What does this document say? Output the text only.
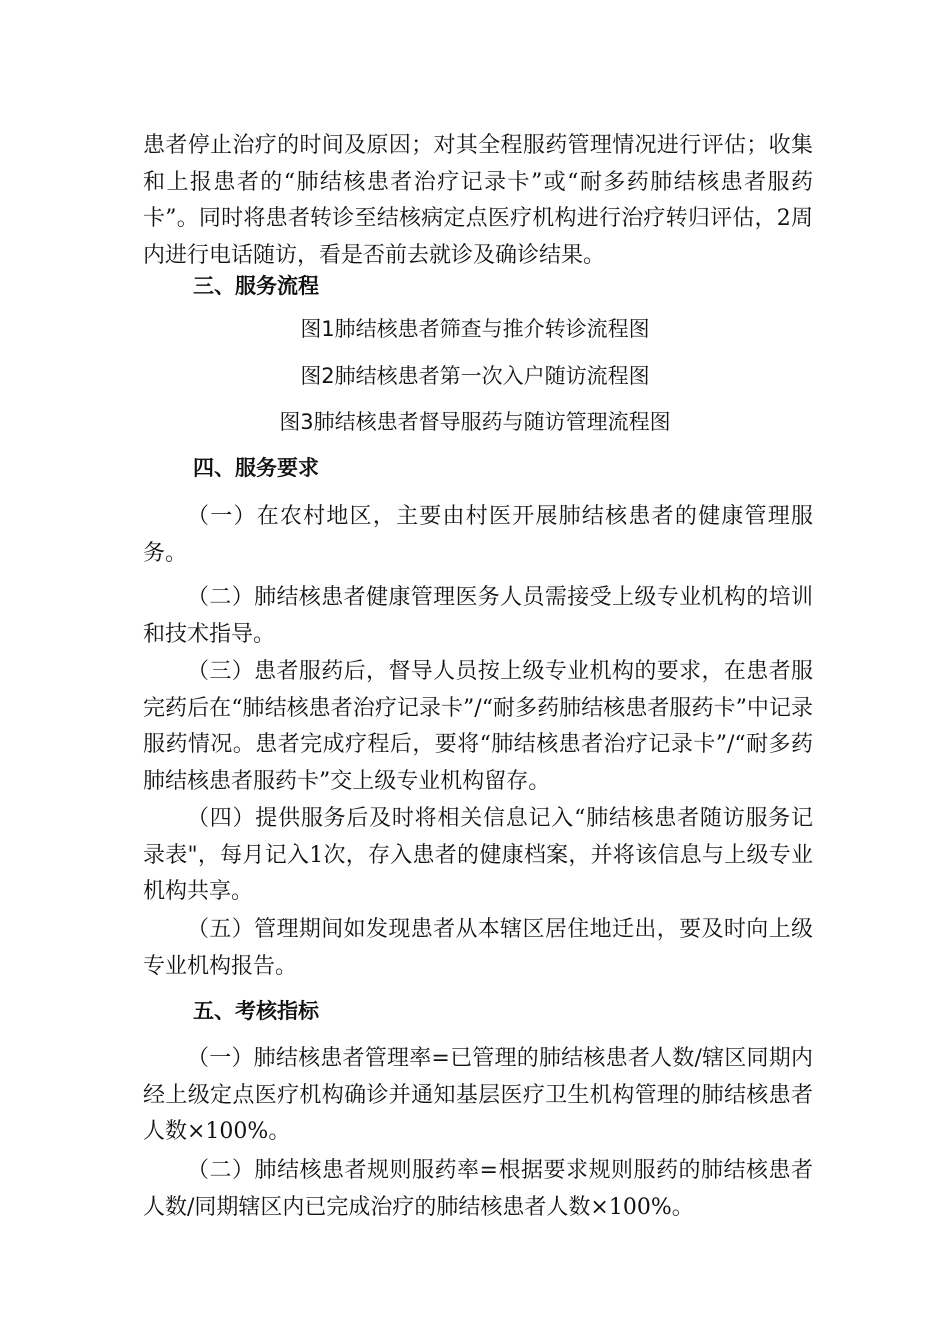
患者停止治疗的时间及原因；对其全程服药管理情况进行评估；收集和上报患者的“肺结核患者治疗记录卡”或“耐多药肺结核患者服药卡”。同时将患者转诊至结核病定点医疗机构进行治疗转归评估，2周内进行电话随访，看是否前去就诊及确诊结果。

三、服务流程

图1肺结核患者筛查与推介转诊流程图

图2肺结核患者第一次入户随访流程图

图3肺结核患者督导服药与随访管理流程图

四、服务要求

（一）在农村地区，主要由村医开展肺结核患者的健康管理服务。

（二）肺结核患者健康管理医务人员需接受上级专业机构的培训和技术指导。

（三）患者服药后，督导人员按上级专业机构的要求，在患者服完药后在“肺结核患者治疗记录卡”/“耐多药肺结核患者服药卡”中记录服药情况。患者完成疗程后，要将“肺结核患者治疗记录卡”/“耐多药肺结核患者服药卡”交上级专业机构留存。

（四）提供服务后及时将相关信息记入“肺结核患者随访服务记录表"，每月记入1次，存入患者的健康档案，并将该信息与上级专业机构共享。

（五）管理期间如发现患者从本辖区居住地迁出，要及时向上级专业机构报告。

五、考核指标

（一）肺结核患者管理率=已管理的肺结核患者人数/辖区同期内经上级定点医疗机构确诊并通知基层医疗卫生机构管理的肺结核患者人数×100%。

（二）肺结核患者规则服药率=根据要求规则服药的肺结核患者人数/同期辖区内已完成治疗的肺结核患者人数×100%。
